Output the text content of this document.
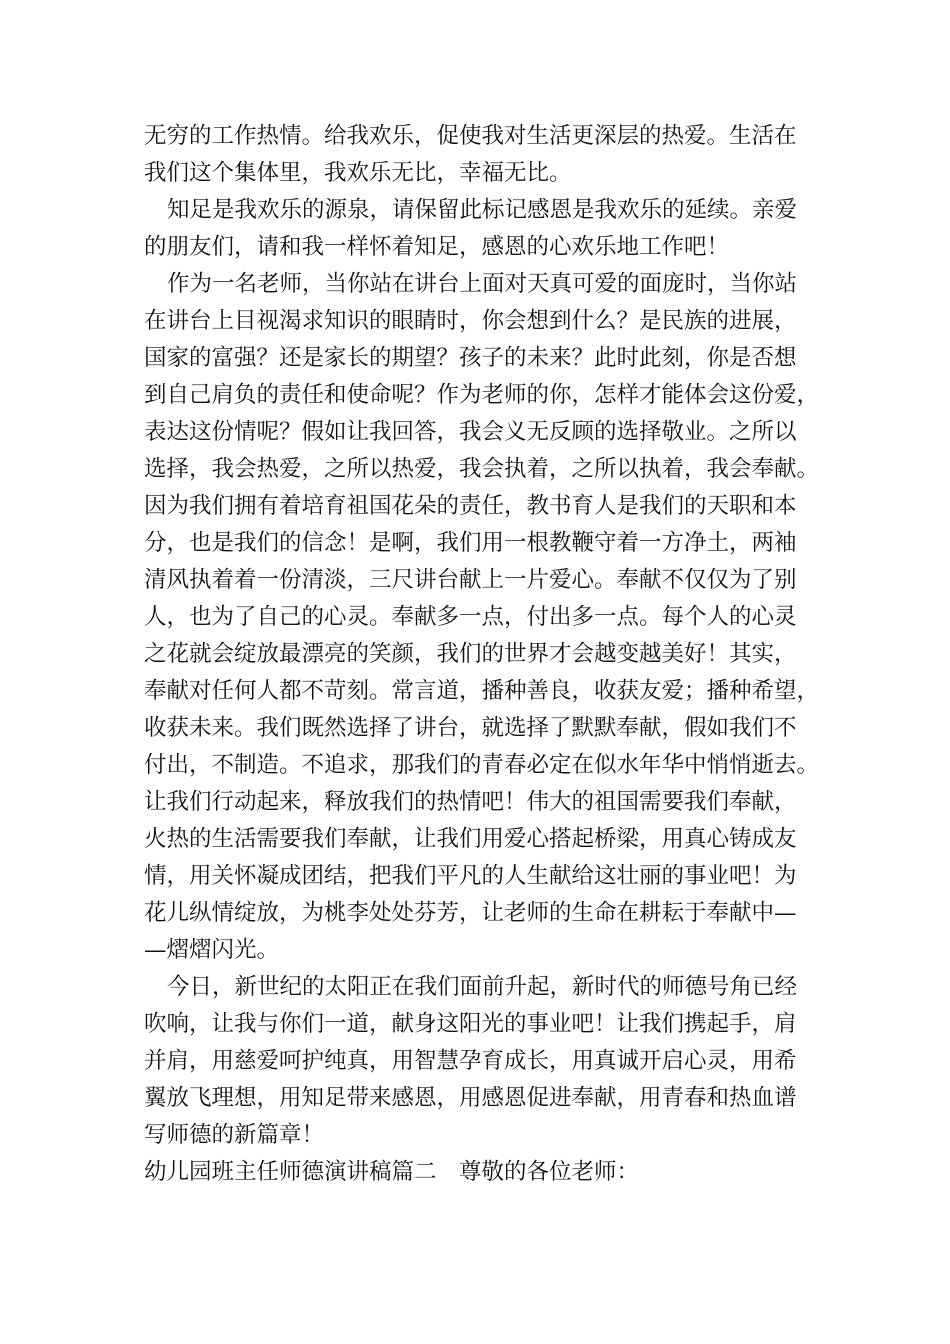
无穷的工作热情。给我欢乐，促使我对生活更深层的热爱。生活在
我们这个集体里，我欢乐无比，幸福无比。
知足是我欢乐的源泉，请保留此标记感恩是我欢乐的延续。亲爱
的朋友们，请和我一样怀着知足，感恩的心欢乐地工作吧！
作为一名老师，当你站在讲台上面对天真可爱的面庞时，当你站
在讲台上目视渴求知识的眼睛时，你会想到什么？是民族的进展，
国家的富强？还是家长的期望？孩子的未来？此时此刻，你是否想
到自己肩负的责任和使命呢？作为老师的你，怎样才能体会这份爱，
表达这份情呢？假如让我回答，我会义无反顾的选择敬业。之所以
选择，我会热爱，之所以热爱，我会执着，之所以执着，我会奉献。
因为我们拥有着培育祖国花朵的责任，教书育人是我们的天职和本
分，也是我们的信念！是啊，我们用一根教鞭守着一方净土，两袖
清风执着着一份清淡，三尺讲台献上一片爱心。奉献不仅仅为了别
人，也为了自己的心灵。奉献多一点，付出多一点。每个人的心灵
之花就会绽放最漂亮的笑颜，我们的世界才会越变越美好！其实，
奉献对任何人都不苛刻。常言道，播种善良，收获友爱；播种希望，
收获未来。我们既然选择了讲台，就选择了默默奉献，假如我们不
付出，不制造。不追求，那我们的青春必定在似水年华中悄悄逝去。
让我们行动起来，释放我们的热情吧！伟大的祖国需要我们奉献，
火热的生活需要我们奉献，让我们用爱心搭起桥梁，用真心铸成友
情，用关怀凝成团结，把我们平凡的人生献给这壮丽的事业吧！为
花儿纵情绽放，为桃李处处芬芳，让老师的生命在耕耘于奉献中—
—熠熠闪光。
今日，新世纪的太阳正在我们面前升起，新时代的师德号角已经
吹响，让我与你们一道，献身这阳光的事业吧！让我们携起手，肩
并肩，用慈爱呵护纯真，用智慧孕育成长，用真诚开启心灵，用希
翼放飞理想，用知足带来感恩，用感恩促进奉献，用青春和热血谱
写师德的新篇章！
幼儿园班主任师德演讲稿篇二　尊敬的各位老师：
